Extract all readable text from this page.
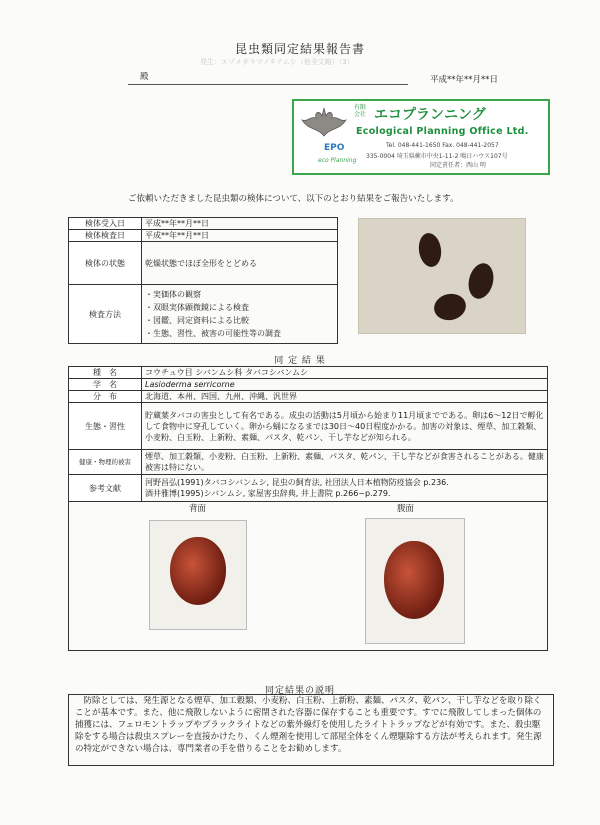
昆虫類同定結果報告書
発生：エゾメダラツノタテムシ（他全文略）（3）
殿	平成**年**月**日
EPO
eco Planning
有限会社 エコプランニング
Ecological Planning Office Ltd.
Tel. 048-441-1650 Fax. 048-441-2057
335-0004 埼玉県蕨市中央1-11-2 鳴日ハウス107号
同定責任者：西山 明
ご依頼いただきました昆虫類の検体について、以下のとおり結果をご報告いたします。
検体受入日	平成**年**月**日
検体検査日	平成**年**月**日
検体の状態	乾燥状態でほぼ全形をとどめる
検査方法	・実価体の観察
・双眼実体顕微鏡による検査
・図鑑、同定資料による比較
・生態、習性、被害の可能性等の調査
同 定 結 果
種　名	コウチュウ目 シバンムシ科 タバコシバンムシ
学　名	Lasioderma serricorne
分　布	北海道、本州、四国、九州、沖縄、汎世界
生態・習性	貯蔵葉タバコの害虫として有名である。成虫の活動は5月頃から始まり11月頃までである。卵は6～12日で孵化して食物中に穿孔していく。卵から蛹になるまでは30日～40日程度かかる。加害の対象は、煙草、加工穀類、小麦粉、白玉粉、上新粉、素麺、パスタ、乾パン、干し芋などが知られる。
健康・物理的被害	煙草、加工穀類、小麦粉、白玉粉、上新粉、素麺、パスタ、乾パン、干し芋などが食害されることがある。健康被害は特にない。
参考文献	河野昌弘(1991)タバコシバンムシ, 昆虫の飼育法, 社団法人日本植物防疫協会 p.236.
酒井雅博(1995)シバンムシ, 家屋害虫辞典, 井上書院 p.266~p.279.

背面 腹面	
同定結果の説明
　防除としては、発生源となる煙草、加工穀類、小麦粉、白玉粉、上新粉、素麺、パスタ、乾パン、干し芋などを取り除くことが基本です。また、他に飛散しないように密閉された容器に保存することも重要です。すでに飛散してしまった個体の捕獲には、フェロモントラップやブラックライトなどの紫外線灯を使用したライトトラップなどが有効です。また、殺虫駆除をする場合は殺虫スプレーを直接かけたり、くん煙剤を使用して部屋全体をくん煙駆除する方法が考えられます。発生源の特定ができない場合は、専門業者の手を借りることをお勧めします。
